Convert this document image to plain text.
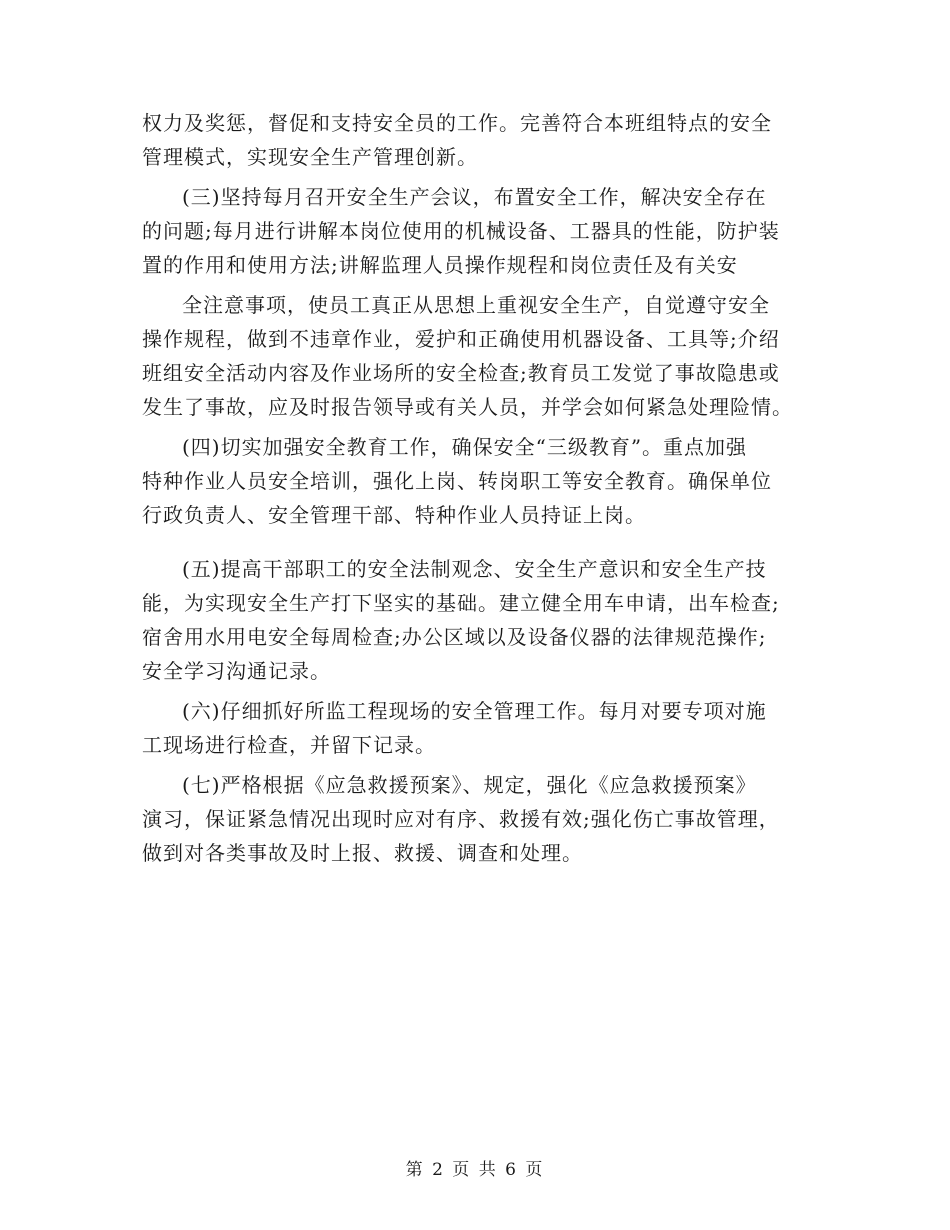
权力及奖惩，督促和支持安全员的工作。完善符合本班组特点的安全
管理模式，实现安全生产管理创新。
(三)坚持每月召开安全生产会议，布置安全工作，解决安全存在
的问题;每月进行讲解本岗位使用的机械设备、工器具的性能，防护装
置的作用和使用方法;讲解监理人员操作规程和岗位责任及有关安
全注意事项，使员工真正从思想上重视安全生产，自觉遵守安全
操作规程，做到不违章作业，爱护和正确使用机器设备、工具等;介绍
班组安全活动内容及作业场所的安全检查;教育员工发觉了事故隐患或
发生了事故，应及时报告领导或有关人员，并学会如何紧急处理险情。
(四)切实加强安全教育工作，确保安全“三级教育”。重点加强
特种作业人员安全培训，强化上岗、转岗职工等安全教育。确保单位
行政负责人、安全管理干部、特种作业人员持证上岗。
(五)提高干部职工的安全法制观念、安全生产意识和安全生产技
能，为实现安全生产打下坚实的基础。建立健全用车申请，出车检查;
宿舍用水用电安全每周检查;办公区域以及设备仪器的法律规范操作;
安全学习沟通记录。
(六)仔细抓好所监工程现场的安全管理工作。每月对要专项对施
工现场进行检查，并留下记录。
(七)严格根据《应急救援预案》、规定，强化《应急救援预案》
演习，保证紧急情况出现时应对有序、救援有效;强化伤亡事故管理，
做到对各类事故及时上报、救援、调查和处理。
第 2 页 共 6 页
